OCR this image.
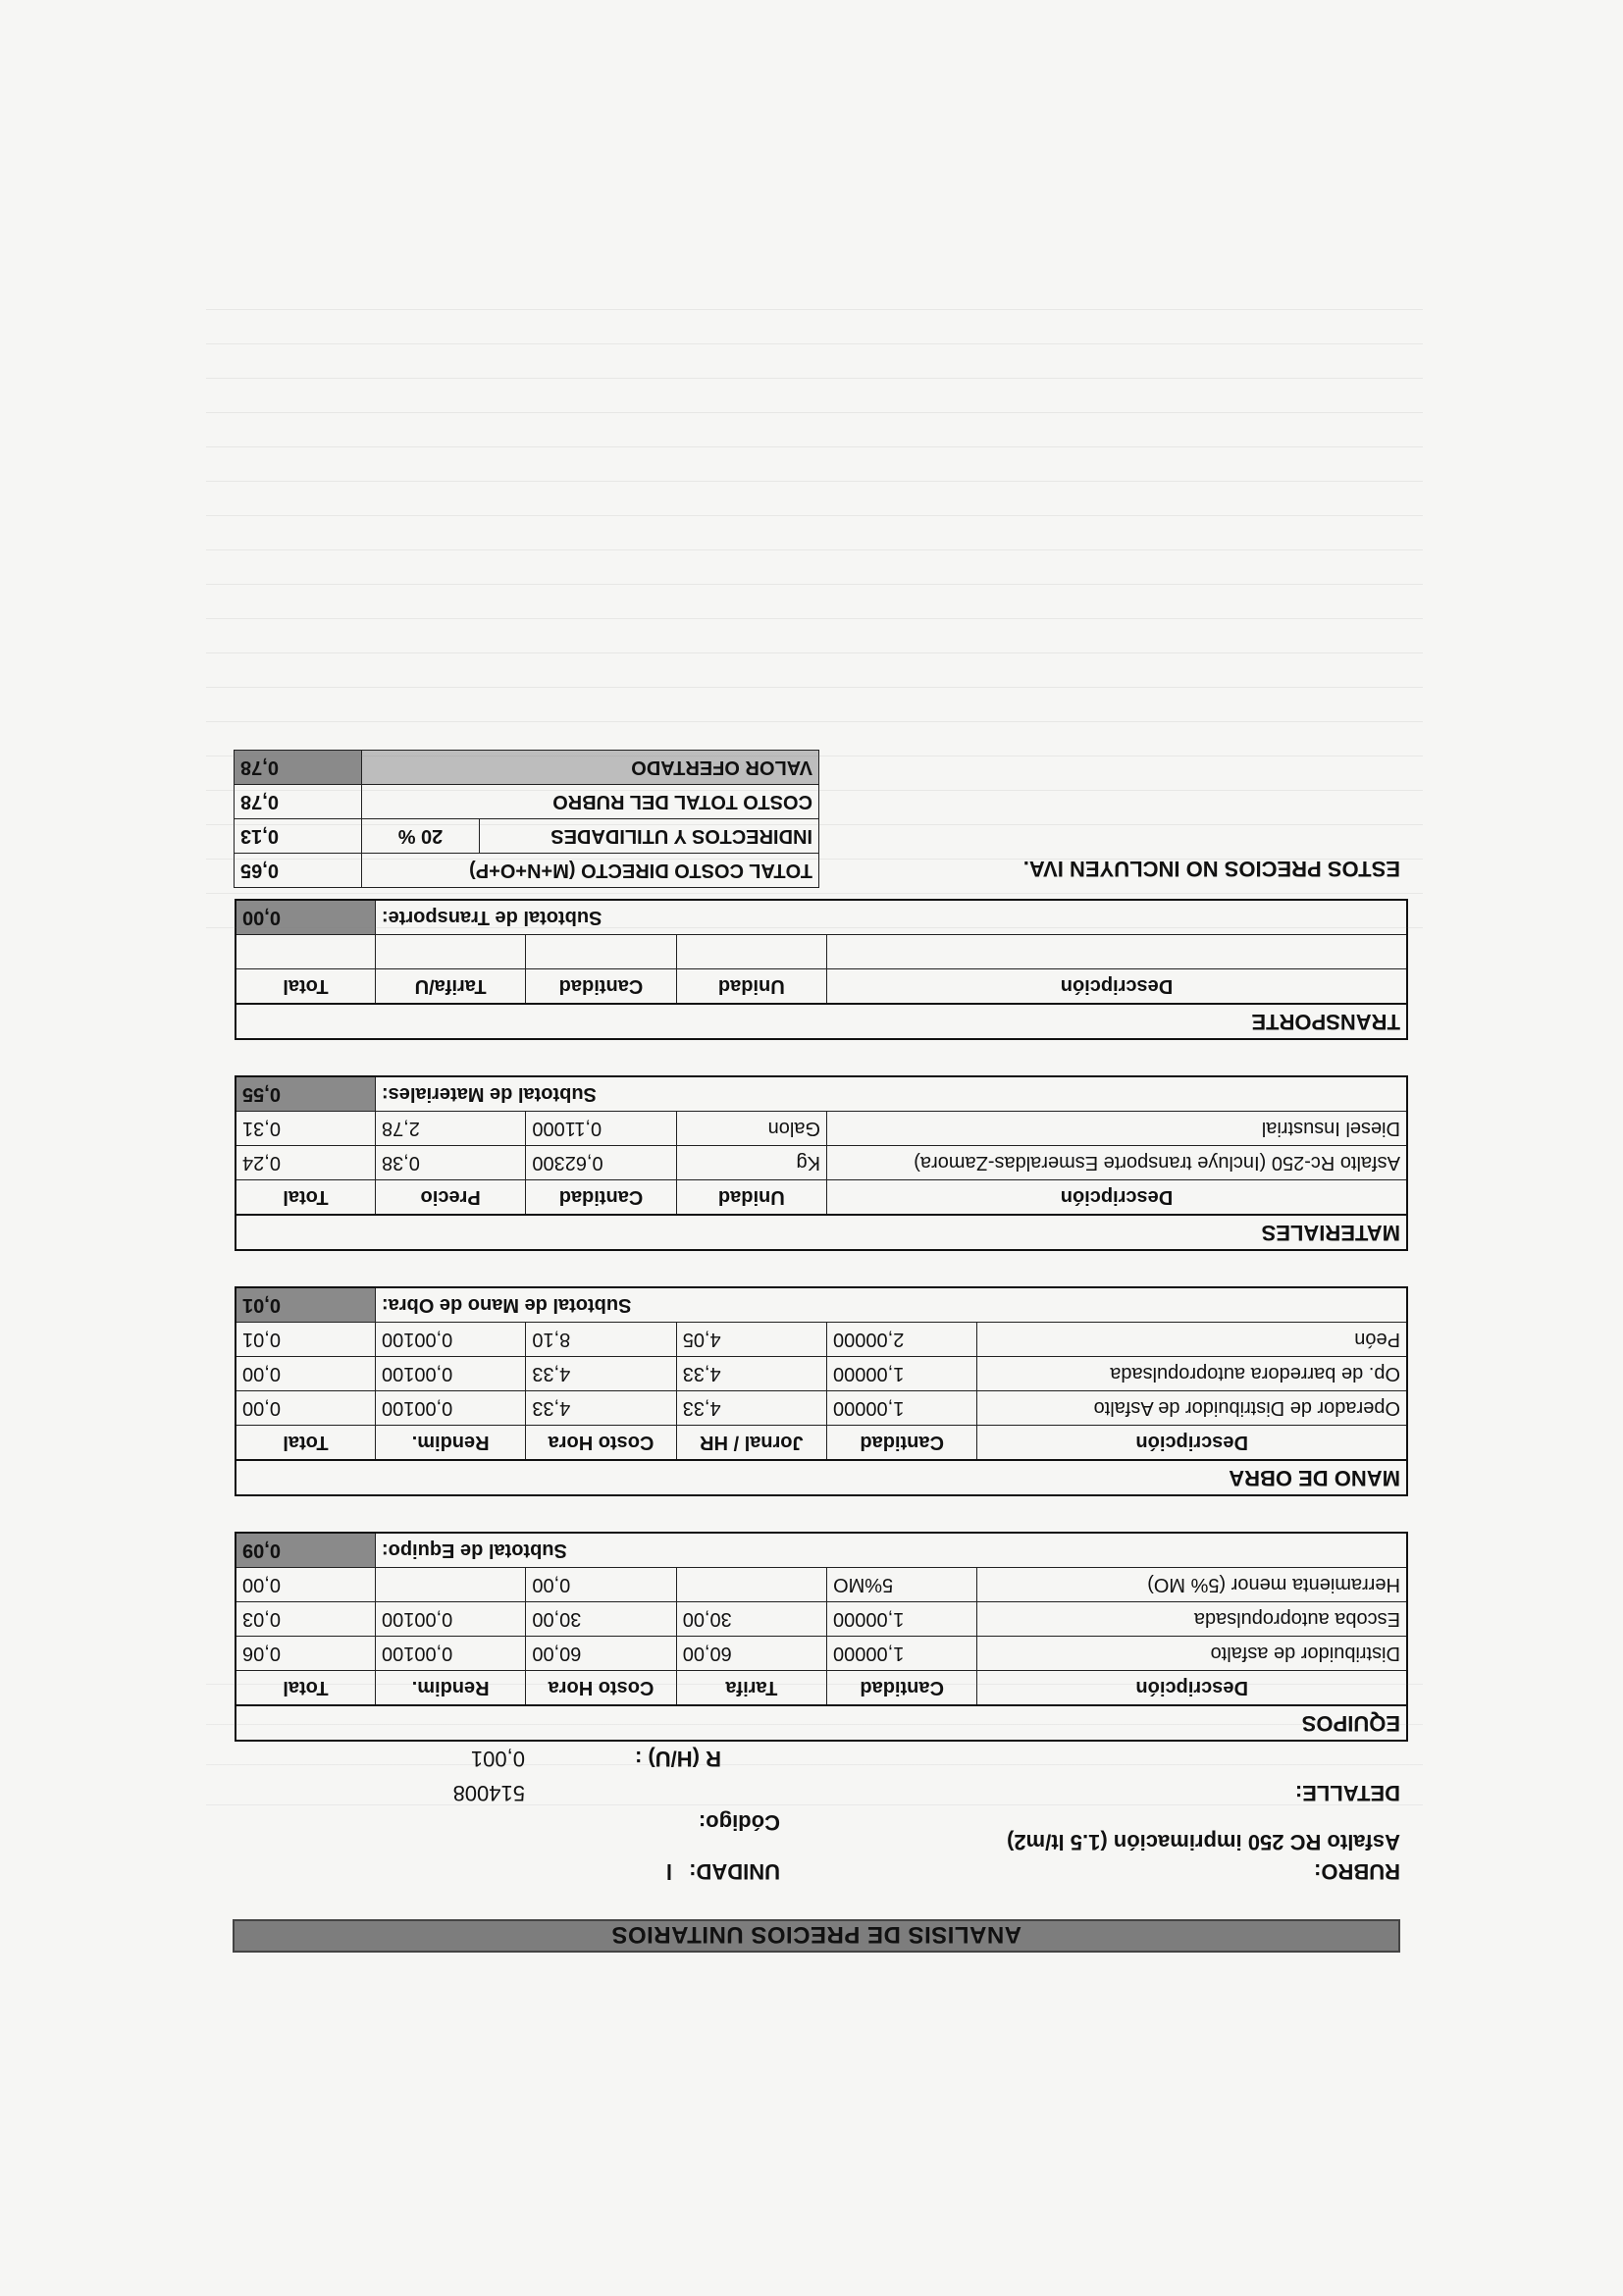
ANALISIS DE PRECIOS UNITARIOS
RUBRO:
UNIDAD:
l
Asfalto RC 250 imprimación (1.5 lt/m2)
Código:
DETALLE:
514008
R (H/U) :
0,001
EQUIPOS					
Descripción	Cantidad	Tarifa	Costo Hora	Rendim.	Total
Distribuidor de asfalto	1,00000	60,00	60,00	0,00100	0,06
Escoba autopropulsada	1,00000	30,00	30,00	0,00100	0,03
Herramienta menor (5% MO)	5%MO		0,00		0,00
Subtotal de Equipo:					0,09
MANO DE OBRA					
Descripción	Cantidad	Jornal / HR	Costo Hora	Rendim.	Total
Operador de Distribuidor de Asfalto	1,00000	4,33	4,33	0,00100	0,00
Op. de barredora autopropulsada	1,00000	4,33	4,33	0,00100	0,00
Peón	2,00000	4,05	8,10	0,00100	0,01
Subtotal de Mano de Obra:					0,01
MATERIALES				
Descripción	Unidad	Cantidad	Precio	Total
Asfalto Rc-250 (Incluye transporte Esmeraldas-Zamora)	Kg	0,62300	0,38	0,24
Diesel Insustrial	Galon	0,11000	2,78	0,31
Subtotal de Materiales:				0,55
TRANSPORTE				
Descripción	Unidad	Cantidad	Tarifa/U	Total

Subtotal de Transporte:				0,00
ESTOS PRECIOS NO INCLUYEN IVA.
TOTAL COSTO DIRECTO (M+N+O+P)		0,65
INDIRECTOS Y UTILIDADES	20 %	0,13
COSTO TOTAL DEL RUBRO		0,78
VALOR OFERTADO		0,78
